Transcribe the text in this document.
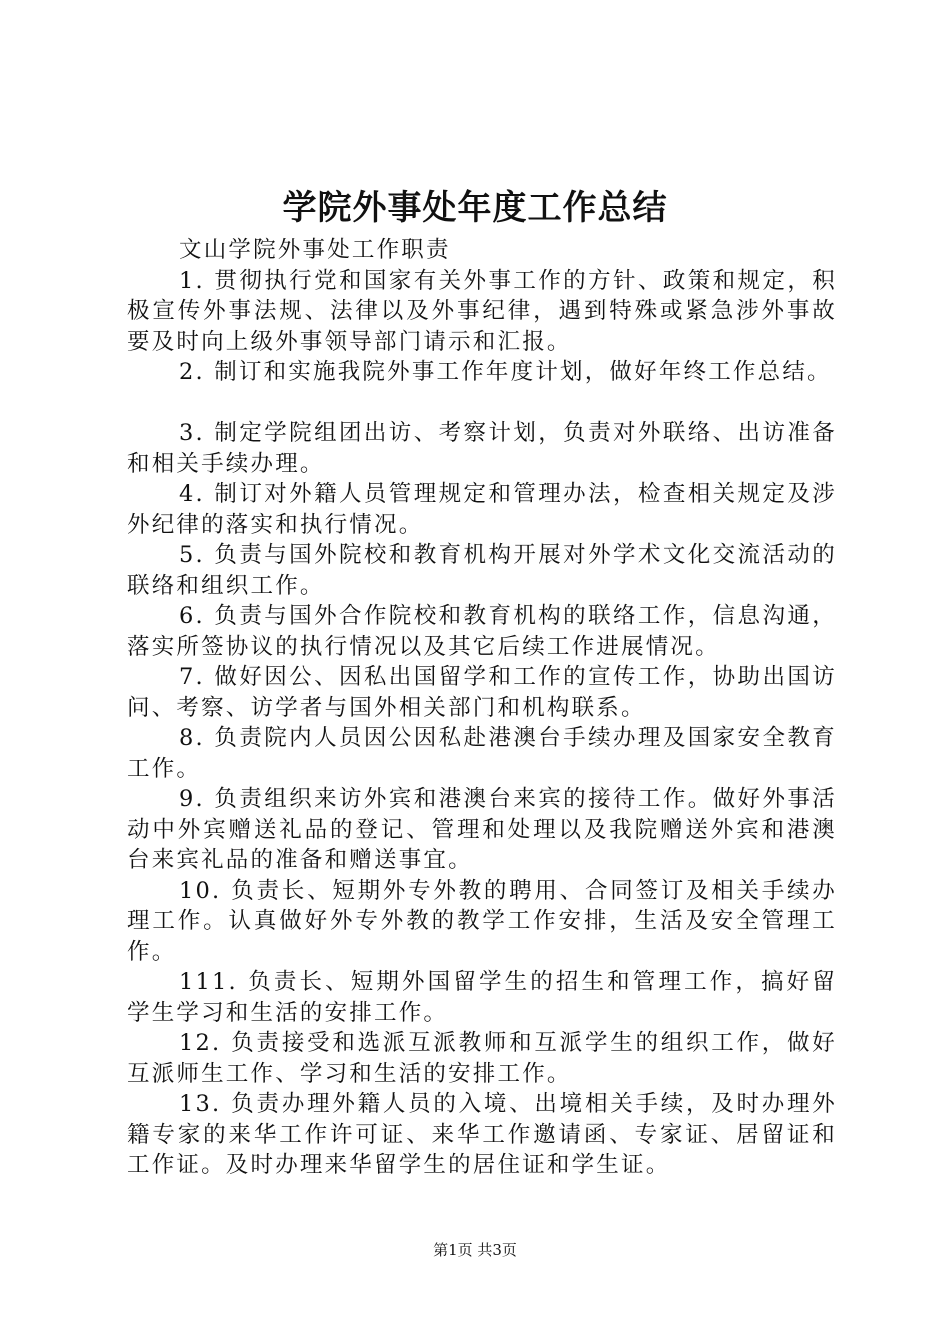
学院外事处年度工作总结

文山学院外事处工作职责

1. 贯彻执行党和国家有关外事工作的方针、政策和规定，积极宣传外事法规、法律以及外事纪律，遇到特殊或紧急涉外事故要及时向上级外事领导部门请示和汇报。

2. 制订和实施我院外事工作年度计划，做好年终工作总结。

3. 制定学院组团出访、考察计划，负责对外联络、出访准备和相关手续办理。

4. 制订对外籍人员管理规定和管理办法，检查相关规定及涉外纪律的落实和执行情况。

5. 负责与国外院校和教育机构开展对外学术文化交流活动的联络和组织工作。

6. 负责与国外合作院校和教育机构的联络工作，信息沟通，落实所签协议的执行情况以及其它后续工作进展情况。

7. 做好因公、因私出国留学和工作的宣传工作，协助出国访问、考察、访学者与国外相关部门和机构联系。

8. 负责院内人员因公因私赴港澳台手续办理及国家安全教育工作。

9. 负责组织来访外宾和港澳台来宾的接待工作。做好外事活动中外宾赠送礼品的登记、管理和处理以及我院赠送外宾和港澳台来宾礼品的准备和赠送事宜。

10. 负责长、短期外专外教的聘用、合同签订及相关手续办理工作。认真做好外专外教的教学工作安排，生活及安全管理工作。

111. 负责长、短期外国留学生的招生和管理工作，搞好留学生学习和生活的安排工作。

12. 负责接受和选派互派教师和互派学生的组织工作，做好互派师生工作、学习和生活的安排工作。

13. 负责办理外籍人员的入境、出境相关手续，及时办理外籍专家的来华工作许可证、来华工作邀请函、专家证、居留证和工作证。及时办理来华留学生的居住证和学生证。

第1页 共3页
